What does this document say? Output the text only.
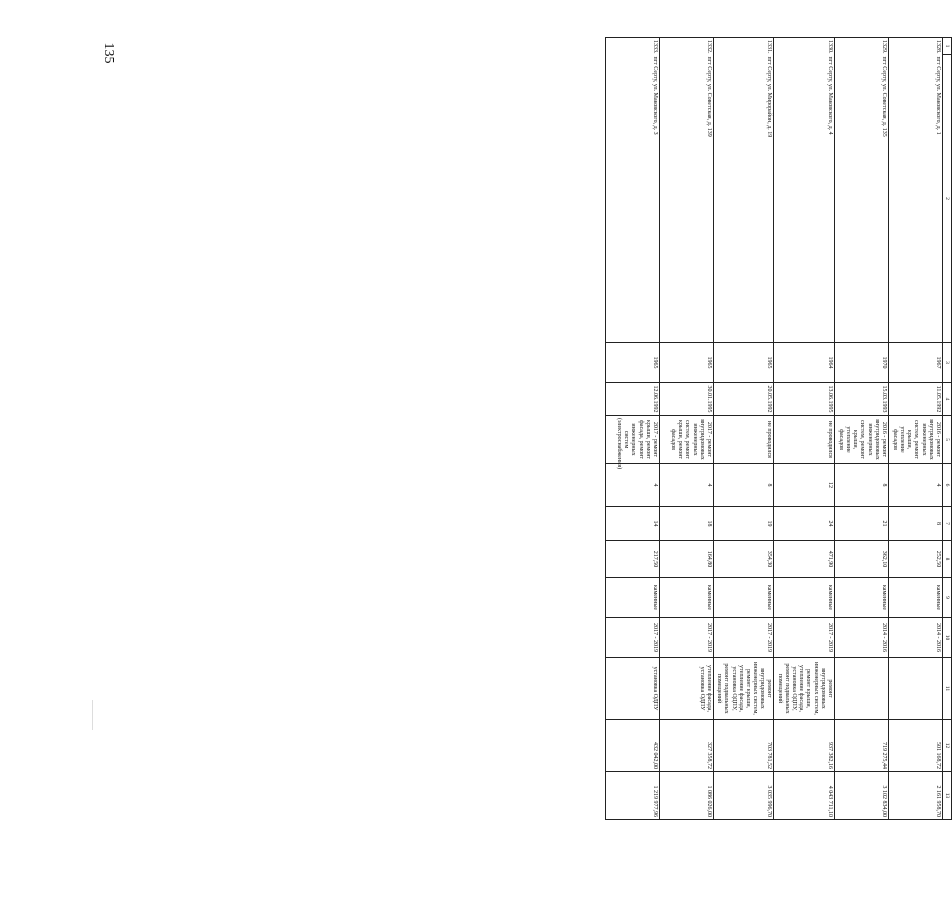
135	1	2	3	4	5	6	7	8	9	10	11	12	13
1328.	пгт Серту, ул. Маковского, д. 1	1967	11.05.1992	2016 - ремонт внутридомовых инженерных систем, ремонт крыши, утепление фасадов	4	8	252,50	каменные	2014 - 2016		501 168,72	2 161 958,70
1329.	пгт Серту, ул. Советская, д. 135	1970	15.03.1993	2016 - ремонт внутридомовых инженерных систем, ремонт крыши, утепление фасадов	8	21	362,10	каменные	2014 - 2016		719 275,44	3 102 834,00
1330.	пгт Серту, ул. Маковского, д. 4	1964	13.06.1995	не проводился	12	24	471,90	каменные	2017 - 2019	ремонт внутридомовых инженерных систем, ремонт крыши, утепление фасада, установка ОДПУ, ремонт подвальных помещений	937 382,16	4 043 711,10
1331.	пгт Серту, ул. Мирорайон, д. 19	1965	20.05.1992	не проводился	8	19	354,30	каменные	2017 - 2019	ремонт внутридомовых инженерных систем, ремонт крыши, утепление фасада, установка ОДПУ, ремонт подвальных помещений	703 781,52	3 035 996,70
1332.	пгт Серту, ул. Советская, д. 139	1965	30.01.1995	2017 - ремонт внутридомовых инженерных систем, ремонт крыши, ремонт фасадов	4	18	164,80	каменные	2017 - 2019	утепление фасада, установка ОДПУ	327 358,72	1 086 026,00
1333.	пгт Серту, ул. Маковского, д. 3	1965	12.06.1992	2017 - ремонт крыши, ремонт фасада, ремонт инженерных систем (электроснабжения)	4	14	217,50	каменные	2017 - 2019	установка ОДПУ	432 042,00	1 219 977,96
